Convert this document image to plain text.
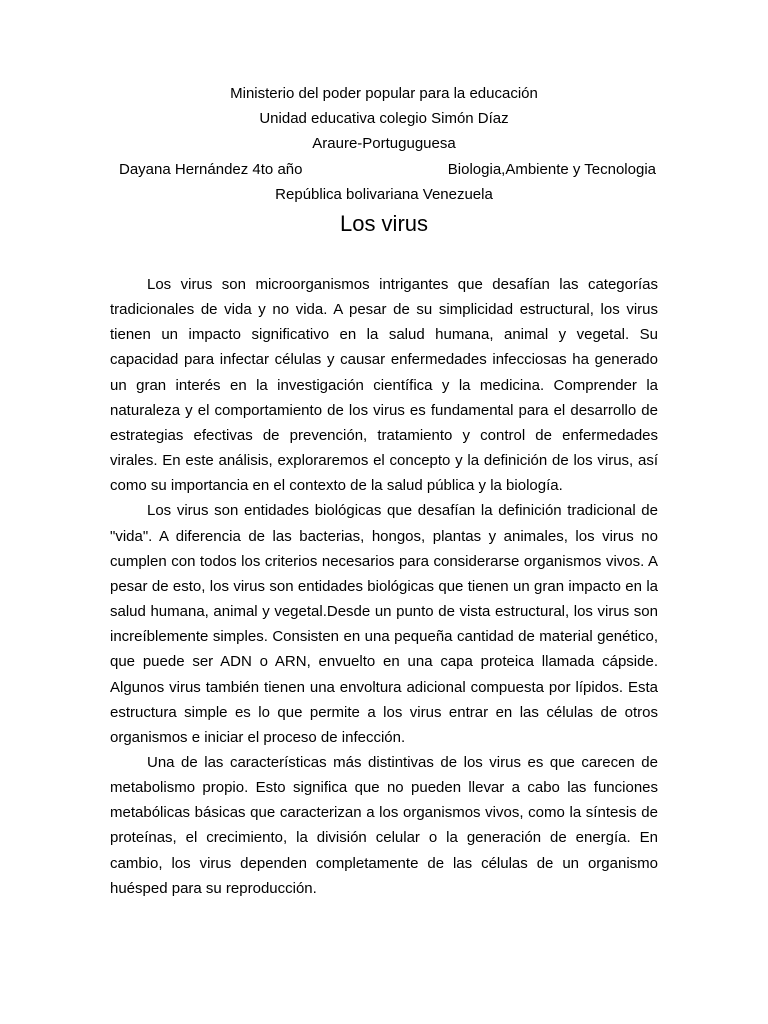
Ministerio del poder popular para la educación
Unidad educativa colegio Simón Díaz
Araure-Portuguguesa
Dayana Hernández 4to año	Biologia,Ambiente y Tecnologia
República bolivariana Venezuela
Los virus

Los virus son microorganismos intrigantes que desafían las categorías tradicionales de vida y no vida. A pesar de su simplicidad estructural, los virus tienen un impacto significativo en la salud humana, animal y vegetal. Su capacidad para infectar células y causar enfermedades infecciosas ha generado un gran interés en la investigación científica y la medicina. Comprender la naturaleza y el comportamiento de los virus es fundamental para el desarrollo de estrategias efectivas de prevención, tratamiento y control de enfermedades virales. En este análisis, exploraremos el concepto y la definición de los virus, así como su importancia en el contexto de la salud pública y la biología.

Los virus son entidades biológicas que desafían la definición tradicional de "vida". A diferencia de las bacterias, hongos, plantas y animales, los virus no cumplen con todos los criterios necesarios para considerarse organismos vivos. A pesar de esto, los virus son entidades biológicas que tienen un gran impacto en la salud humana, animal y vegetal.Desde un punto de vista estructural, los virus son increíblemente simples. Consisten en una pequeña cantidad de material genético, que puede ser ADN o ARN, envuelto en una capa proteica llamada cápside. Algunos virus también tienen una envoltura adicional compuesta por lípidos. Esta estructura simple es lo que permite a los virus entrar en las células de otros organismos e iniciar el proceso de infección.

Una de las características más distintivas de los virus es que carecen de metabolismo propio. Esto significa que no pueden llevar a cabo las funciones metabólicas básicas que caracterizan a los organismos vivos, como la síntesis de proteínas, el crecimiento, la división celular o la generación de energía. En cambio, los virus dependen completamente de las células de un organismo huésped para su reproducción.
